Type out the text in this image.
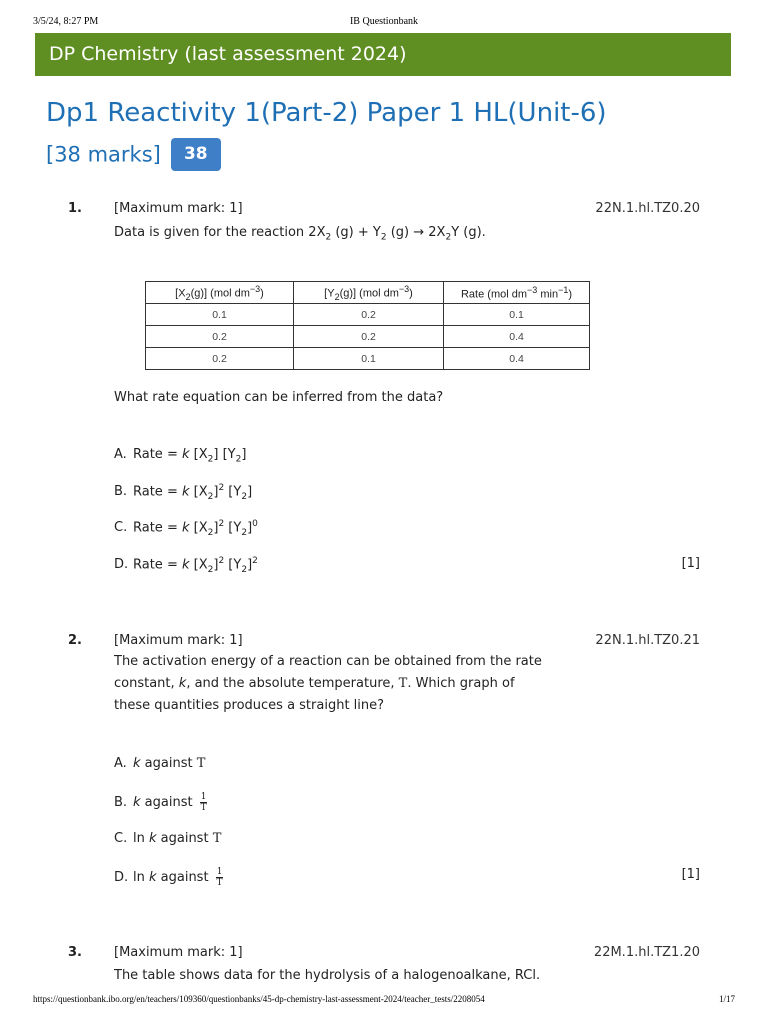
3/5/24, 8:27 PM	IB Questionbank
DP Chemistry (last assessment 2024)
Dp1 Reactivity 1(Part-2) Paper 1 HL(Unit-6)
[38 marks] 38
1. [Maximum mark: 1]	22N.1.hl.TZ0.20
Data is given for the reaction $2X_2$ $(g) + Y_2$ $(g) \to 2X_2Y$ (g).
$[X_2(g)]$ (mol $dm^{-3}$)	$[Y_2(g)]$ (mol $dm^{-3}$)	Rate (mol $dm^{-3}$ $\min^{-1}$)
0.1	0.2	0.1
0.2	0.2	0.4
0.2	0.1	0.4
What rate equation can be inferred from the data?
A. Rate = k $[X_2]$ $[Y_2]$
B. Rate = k $[X_2]^2$ $[Y_2]$
C. Rate = k $[X_2]^2$ $[Y_2]^0$
D. Rate = k $[X_2]^2$ $[Y_2]^2$	[1]
2. [Maximum mark: 1]	22N.1.hl.TZ0.21
The activation energy of a reaction can be obtained from the rate constant, k, and the absolute temperature, T. Which graph of these quantities produces a straight line?
A. k against T
B. k against $\frac{1}{T}$
C. ln k against T
D. ln k against $\frac{1}{T}$	[1]
3. [Maximum mark: 1]	22M.1.hl.TZ1.20
The table shows data for the hydrolysis of a halogenoalkane, RCl.
https://questionbank.ibo.org/en/teachers/109360/questionbanks/45-dp-chemistry-last-assessment-2024/teacher_tests/2208054	1/17
